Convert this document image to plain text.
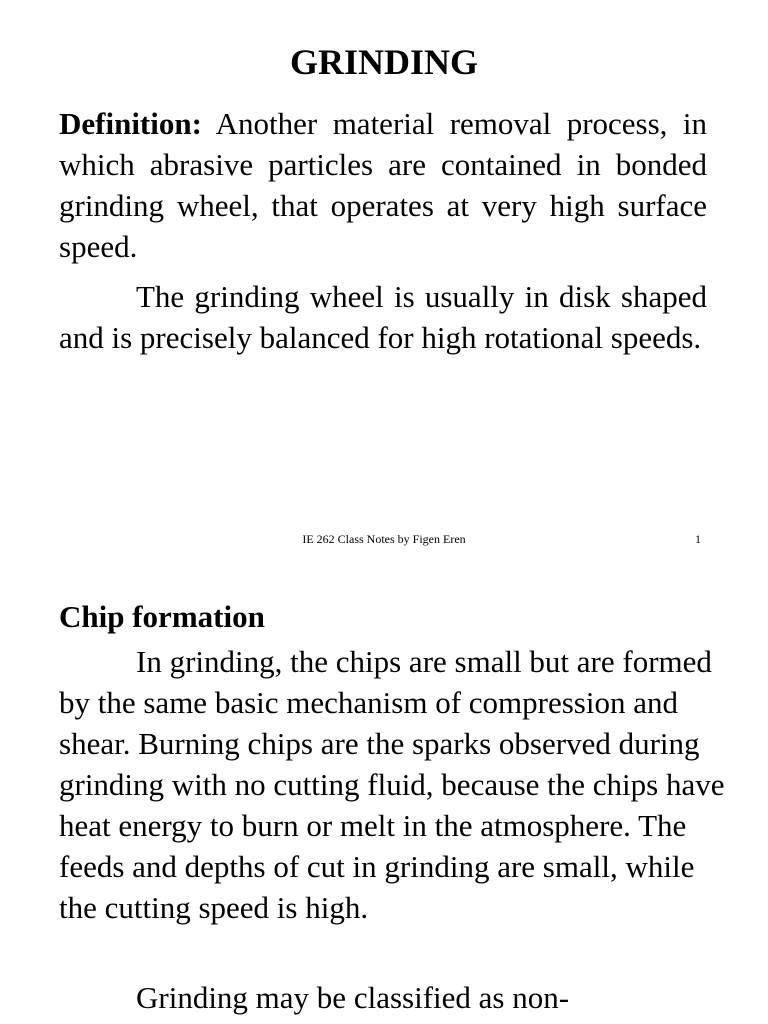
GRINDING

Definition: Another material removal process, in which abrasive particles are contained in bonded grinding wheel, that operates at very high surface speed.

The grinding wheel is usually in disk shaped and is precisely balanced for high rotational speeds.

IE 262 Class Notes by Figen Eren	1
Chip formation

In grinding, the chips are small but are formed by the same basic mechanism of compression and shear. Burning chips are the sparks observed during grinding with no cutting fluid, because the chips have heat energy to burn or melt in the atmosphere. The feeds and depths of cut in grinding are small, while the cutting speed is high.

Grinding may be classified as non-
